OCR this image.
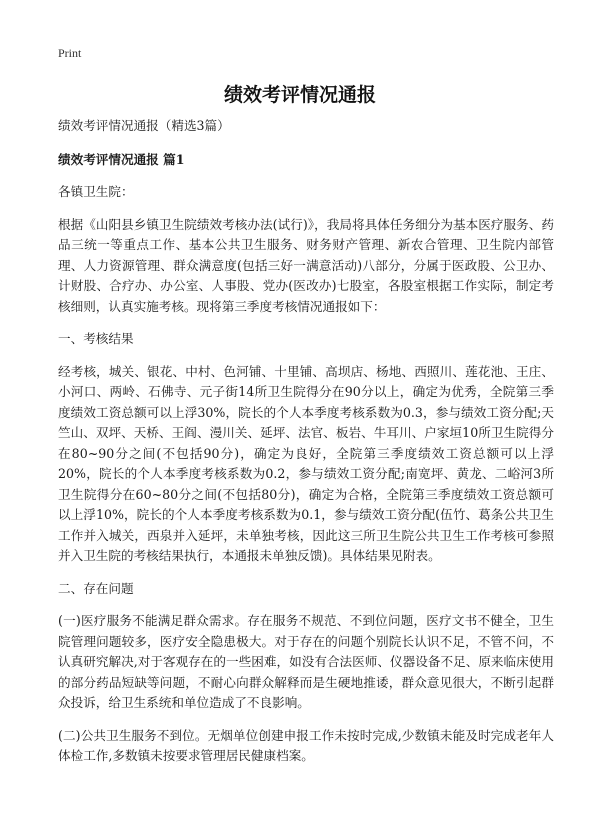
Print
绩效考评情况通报

绩效考评情况通报（精选3篇）

绩效考评情况通报 篇1

各镇卫生院：

根据《山阳县乡镇卫生院绩效考核办法(试行)》，我局将具体任务细分为基本医疗服务、药品三统一等重点工作、基本公共卫生服务、财务财产管理、新农合管理、卫生院内部管理、人力资源管理、群众满意度(包括三好一满意活动)八部分，分属于医政股、公卫办、计财股、合疗办、办公室、人事股、党办(医改办)七股室，各股室根据工作实际，制定考核细则，认真实施考核。现将第三季度考核情况通报如下：

一、考核结果

经考核，城关、银花、中村、色河铺、十里铺、高坝店、杨地、西照川、莲花池、王庄、小河口、两岭、石佛寺、元子街14所卫生院得分在90分以上，确定为优秀，全院第三季度绩效工资总额可以上浮30%，院长的个人本季度考核系数为0.3，参与绩效工资分配;天竺山、双坪、天桥、王阎、漫川关、延坪、法官、板岩、牛耳川、户家垣10所卫生院得分在80~90分之间(不包括90分)，确定为良好，全院第三季度绩效工资总额可以上浮20%，院长的个人本季度考核系数为0.2，参与绩效工资分配;南宽坪、黄龙、二峪河3所卫生院得分在60~80分之间(不包括80分)，确定为合格，全院第三季度绩效工资总额可以上浮10%，院长的个人本季度考核系数为0.1，参与绩效工资分配(伍竹、葛条公共卫生工作并入城关，西泉并入延坪，未单独考核，因此这三所卫生院公共卫生工作考核可参照并入卫生院的考核结果执行，本通报未单独反馈)。具体结果见附表。

二、存在问题

(一)医疗服务不能满足群众需求。存在服务不规范、不到位问题，医疗文书不健全，卫生院管理问题较多，医疗安全隐患极大。对于存在的问题个别院长认识不足，不管不问，不认真研究解决,对于客观存在的一些困难，如没有合法医师、仪器设备不足、原来临床使用的部分药品短缺等问题，不耐心向群众解释而是生硬地推诿，群众意见很大，不断引起群众投诉，给卫生系统和单位造成了不良影响。

(二)公共卫生服务不到位。无烟单位创建申报工作未按时完成,少数镇未能及时完成老年人体检工作,多数镇未按要求管理居民健康档案。
